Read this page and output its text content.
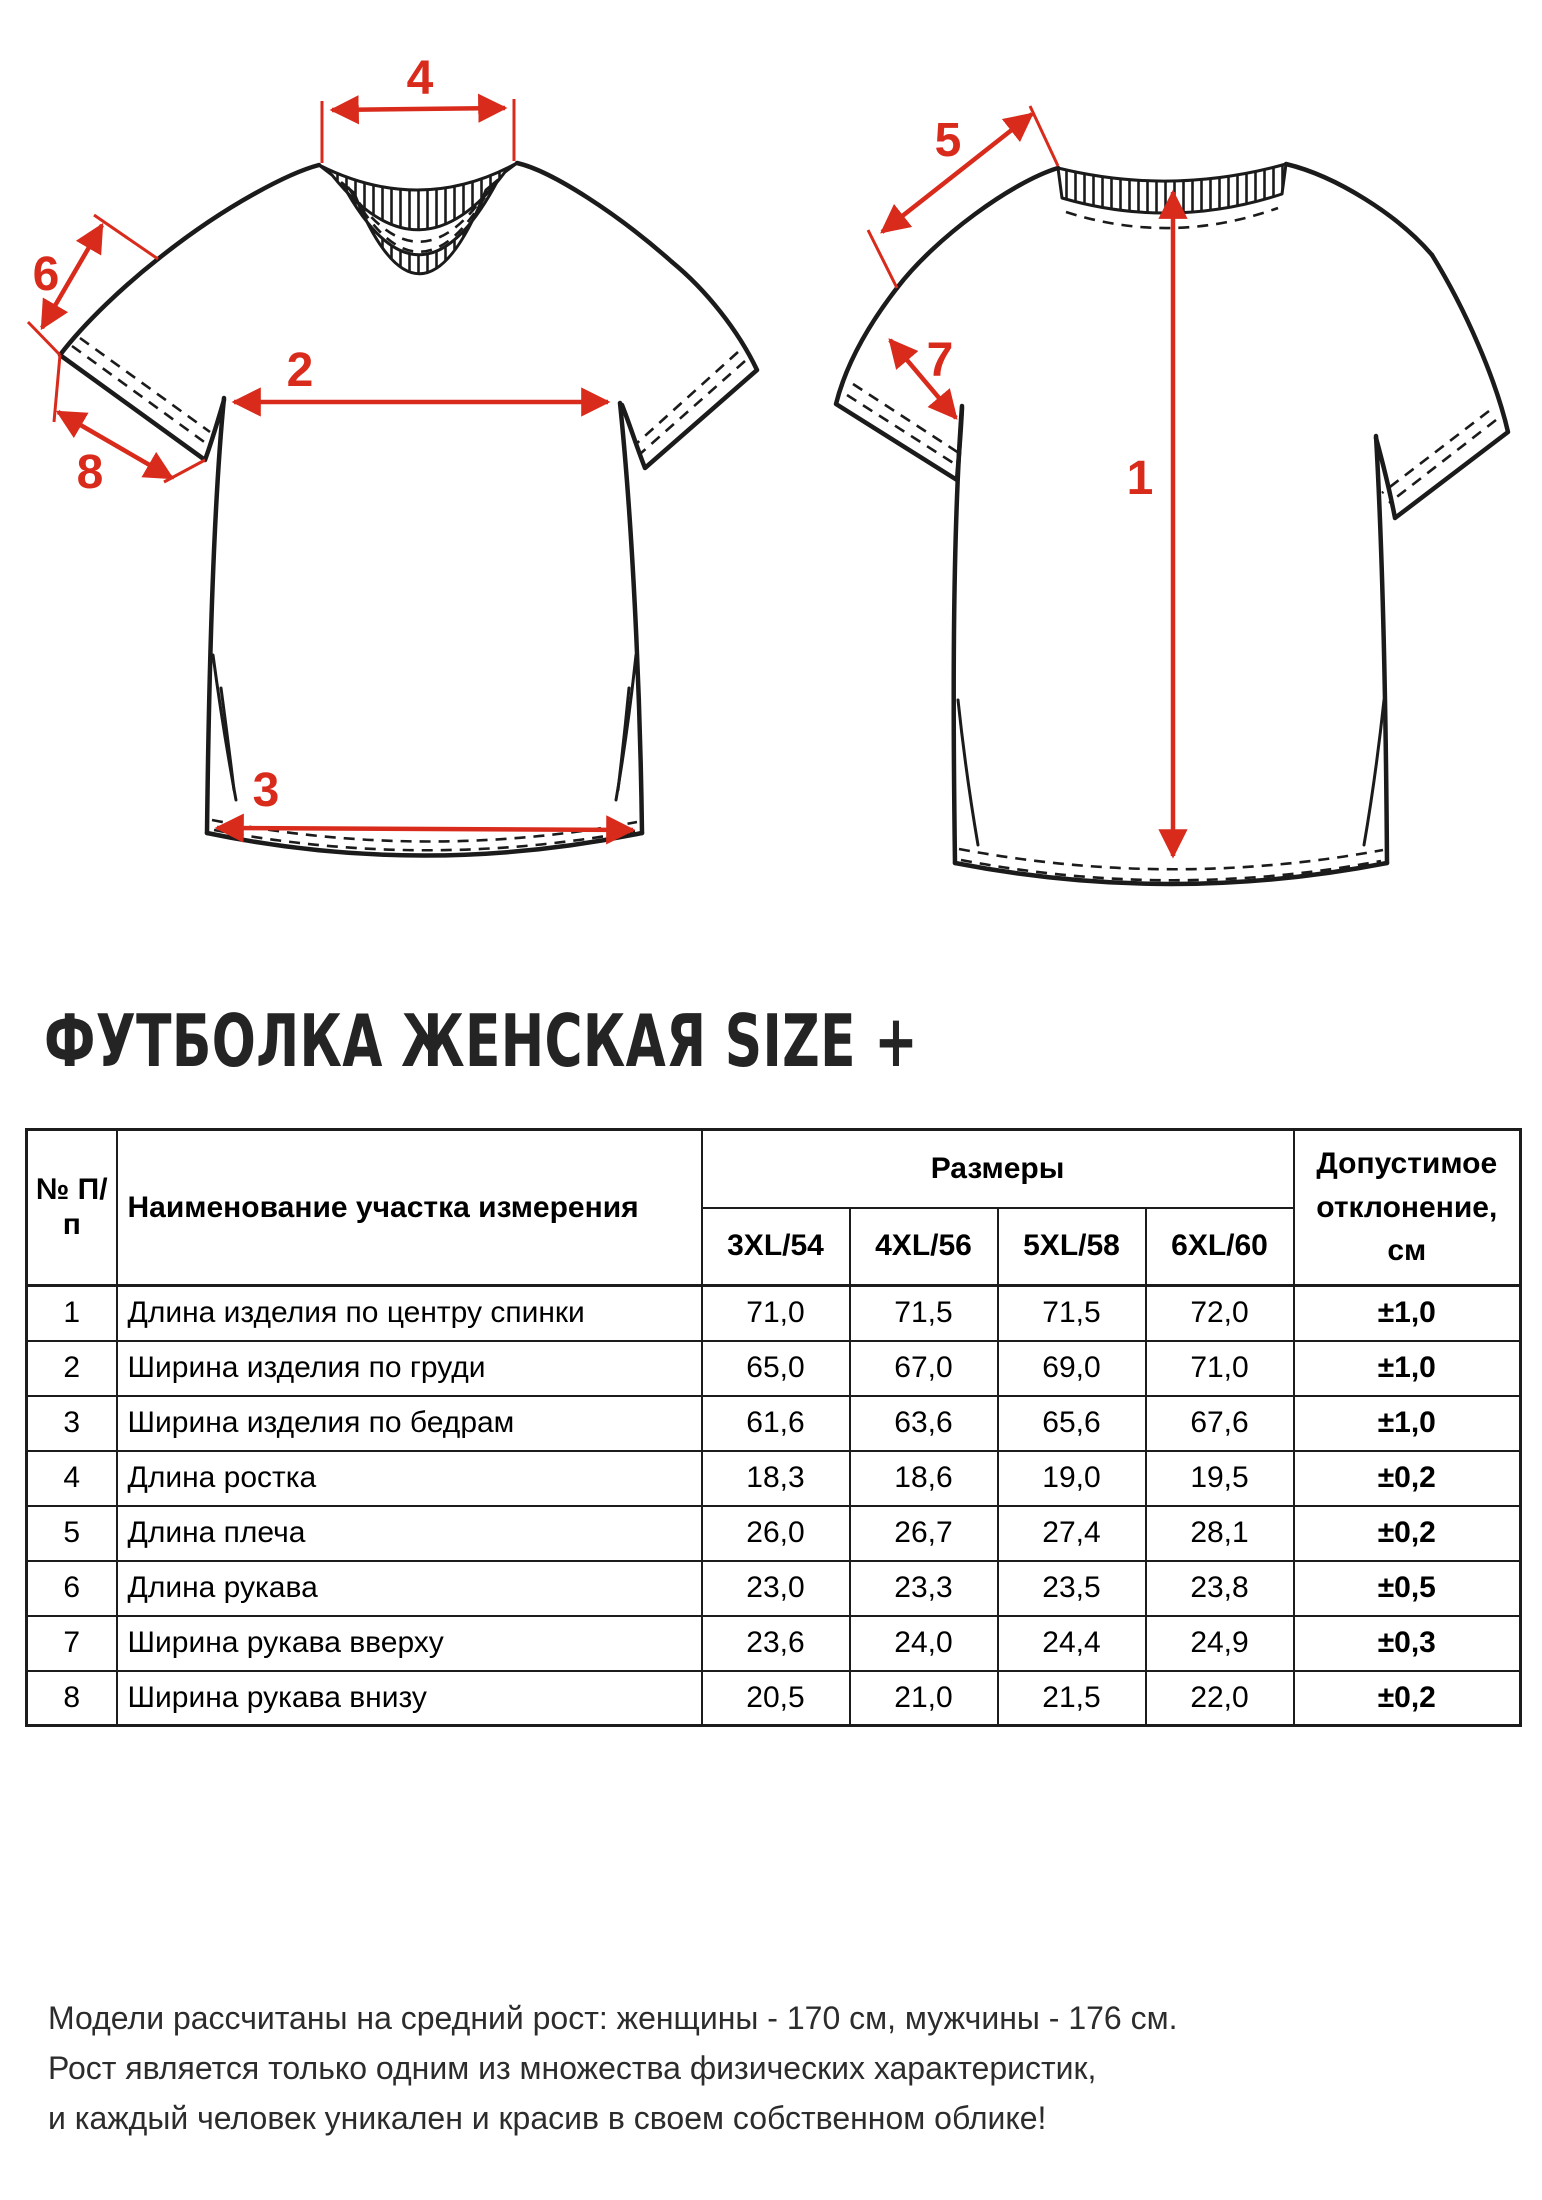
4
2
3
6
8
5
7
1
ФУТБОЛКА ЖЕНСКАЯ SIZE +
№ П/п	Наименование участка измерения	Размеры				Допустимое отклонение, см
		3XL/54	4XL/56	5XL/58	6XL/60	
1	Длина изделия по центру спинки	71,0	71,5	71,5	72,0	±1,0
2	Ширина изделия по груди	65,0	67,0	69,0	71,0	±1,0
3	Ширина изделия по бедрам	61,6	63,6	65,6	67,6	±1,0
4	Длина ростка	18,3	18,6	19,0	19,5	±0,2
5	Длина плеча	26,0	26,7	27,4	28,1	±0,2
6	Длина рукава	23,0	23,3	23,5	23,8	±0,5
7	Ширина рукава вверху	23,6	24,0	24,4	24,9	±0,3
8	Ширина рукава внизу	20,5	21,0	21,5	22,0	±0,2
Модели рассчитаны на средний рост: женщины - 170 см, мужчины - 176 см.
Рост является только одним из множества физических характеристик,
и каждый человек уникален и красив в своем собственном облике!
